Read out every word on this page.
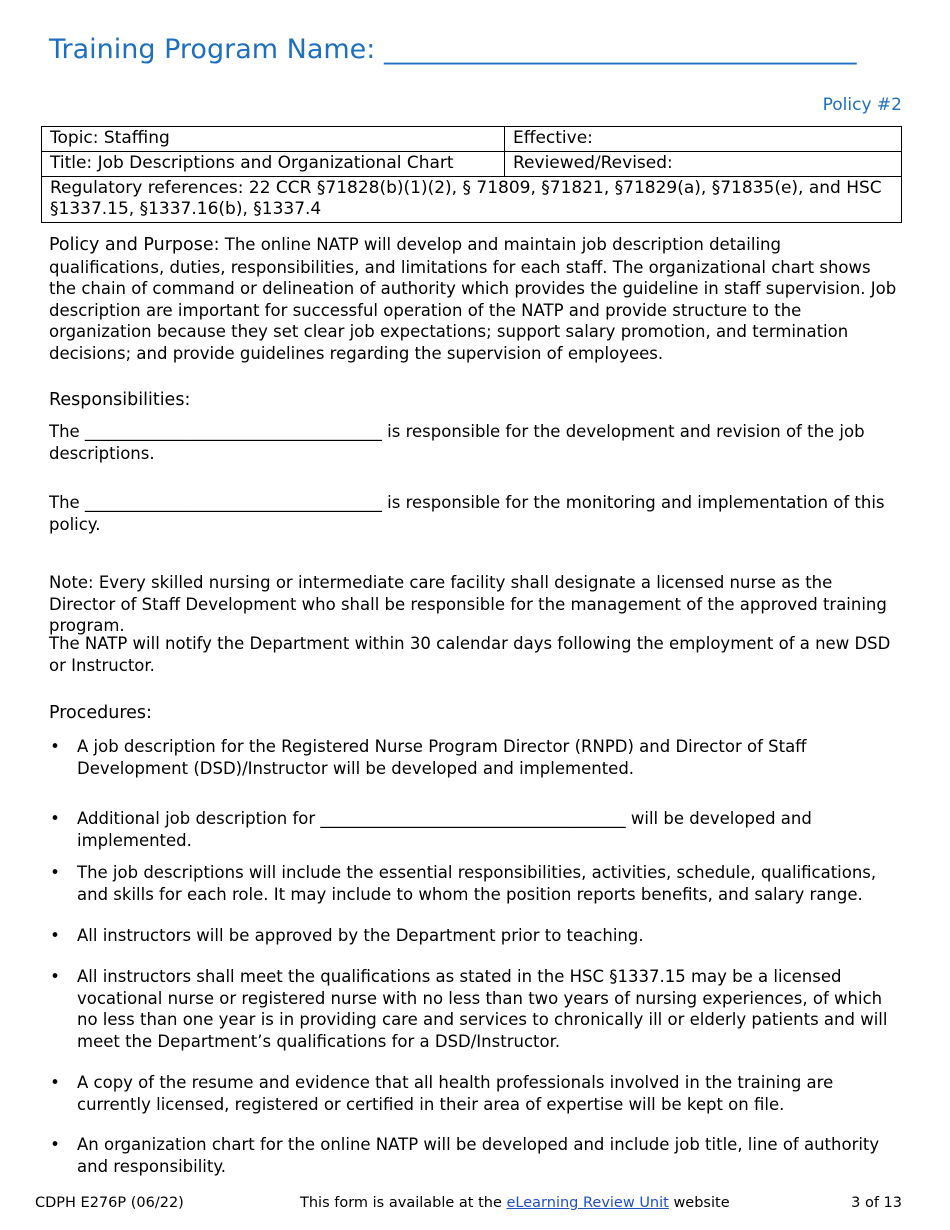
Training Program Name: ___________________________________
Policy #2
Topic: Staffing	Effective:
Title: Job Descriptions and Organizational Chart	Reviewed/Revised:
Regulatory references: 22 CCR §71828(b)(1)(2), § 71809, §71821, §71829(a), §71835(e), and HSC §1337.15, §1337.16(b), §1337.4	
Policy and Purpose: The online NATP will develop and maintain job description detailing qualifications, duties, responsibilities, and limitations for each staff. The organizational chart shows the chain of command or delineation of authority which provides the guideline in staff supervision. Job description are important for successful operation of the NATP and provide structure to the organization because they set clear job expectations; support salary promotion, and termination decisions; and provide guidelines regarding the supervision of employees.
Responsibilities:
The ____________________________________ is responsible for the development and revision of the job descriptions.
The ____________________________________ is responsible for the monitoring and implementation of this policy.
Note: Every skilled nursing or intermediate care facility shall designate a licensed nurse as the Director of Staff Development who shall be responsible for the management of the approved training program.
The NATP will notify the Department within 30 calendar days following the employment of a new DSD or Instructor.
Procedures:
• A job description for the Registered Nurse Program Director (RNPD) and Director of Staff Development (DSD)/Instructor will be developed and implemented.
• Additional job description for _____________________________________ will be developed and implemented.
• The job descriptions will include the essential responsibilities, activities, schedule, qualifications, and skills for each role. It may include to whom the position reports benefits, and salary range.
• All instructors will be approved by the Department prior to teaching.
• All instructors shall meet the qualifications as stated in the HSC §1337.15 may be a licensed vocational nurse or registered nurse with no less than two years of nursing experiences, of which no less than one year is in providing care and services to chronically ill or elderly patients and will meet the Department’s qualifications for a DSD/Instructor.
• A copy of the resume and evidence that all health professionals involved in the training are currently licensed, registered or certified in their area of expertise will be kept on file.
• An organization chart for the online NATP will be developed and include job title, line of authority and responsibility.
CDPH E276P (06/22)	This form is available at the eLearning Review Unit website	3 of 13
